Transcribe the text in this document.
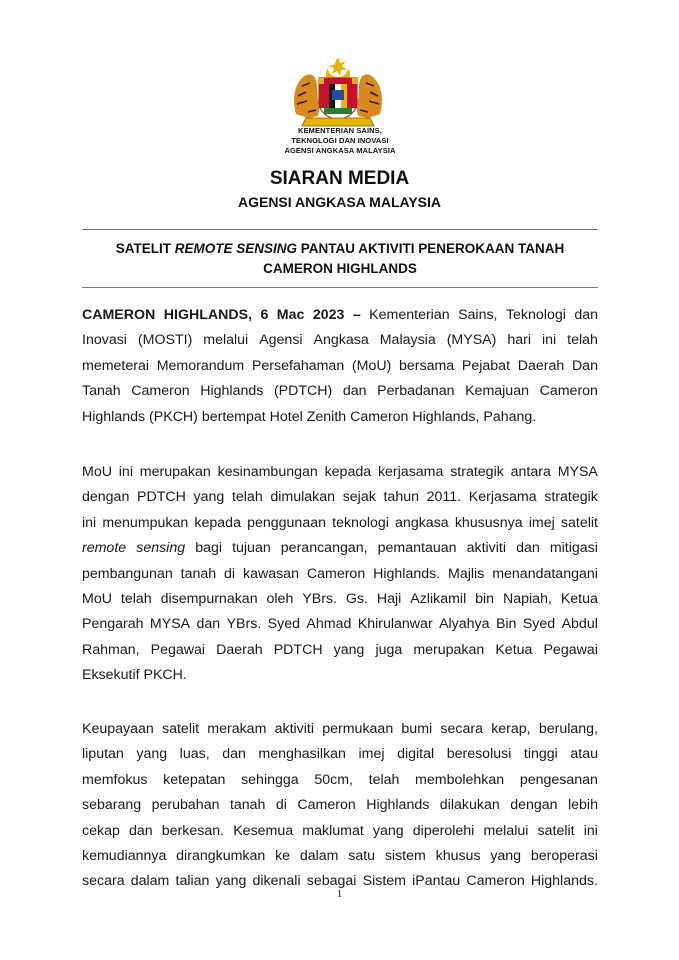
KEMENTERIAN SAINS,
TEKNOLOGI DAN INOVASI
AGENSI ANGKASA MALAYSIA
SIARAN MEDIA
AGENSI ANGKASA MALAYSIA
SATELIT REMOTE SENSING PANTAU AKTIVITI PENEROKAAN TANAH
CAMERON HIGHLANDS
CAMERON HIGHLANDS, 6 Mac 2023 – Kementerian Sains, Teknologi dan
Inovasi (MOSTI) melalui Agensi Angkasa Malaysia (MYSA) hari ini telah
memeterai Memorandum Persefahaman (MoU) bersama Pejabat Daerah Dan
Tanah Cameron Highlands (PDTCH) dan Perbadanan Kemajuan Cameron
Highlands (PKCH) bertempat Hotel Zenith Cameron Highlands, Pahang.
MoU ini merupakan kesinambungan kepada kerjasama strategik antara MYSA
dengan PDTCH yang telah dimulakan sejak tahun 2011. Kerjasama strategik
ini menumpukan kepada penggunaan teknologi angkasa khususnya imej satelit
remote sensing bagi tujuan perancangan, pemantauan aktiviti dan mitigasi
pembangunan tanah di kawasan Cameron Highlands. Majlis menandatangani
MoU telah disempurnakan oleh YBrs. Gs. Haji Azlikamil bin Napiah, Ketua
Pengarah MYSA dan YBrs. Syed Ahmad Khirulanwar Alyahya Bin Syed Abdul
Rahman, Pegawai Daerah PDTCH yang juga merupakan Ketua Pegawai
Eksekutif PKCH.
Keupayaan satelit merakam aktiviti permukaan bumi secara kerap, berulang,
liputan yang luas, dan menghasilkan imej digital beresolusi tinggi atau
memfokus ketepatan sehingga 50cm, telah membolehkan pengesanan
sebarang perubahan tanah di Cameron Highlands dilakukan dengan lebih
cekap dan berkesan. Kesemua maklumat yang diperolehi melalui satelit ini
kemudiannya dirangkumkan ke dalam satu sistem khusus yang beroperasi
secara dalam talian yang dikenali sebagai Sistem iPantau Cameron Highlands.
1
